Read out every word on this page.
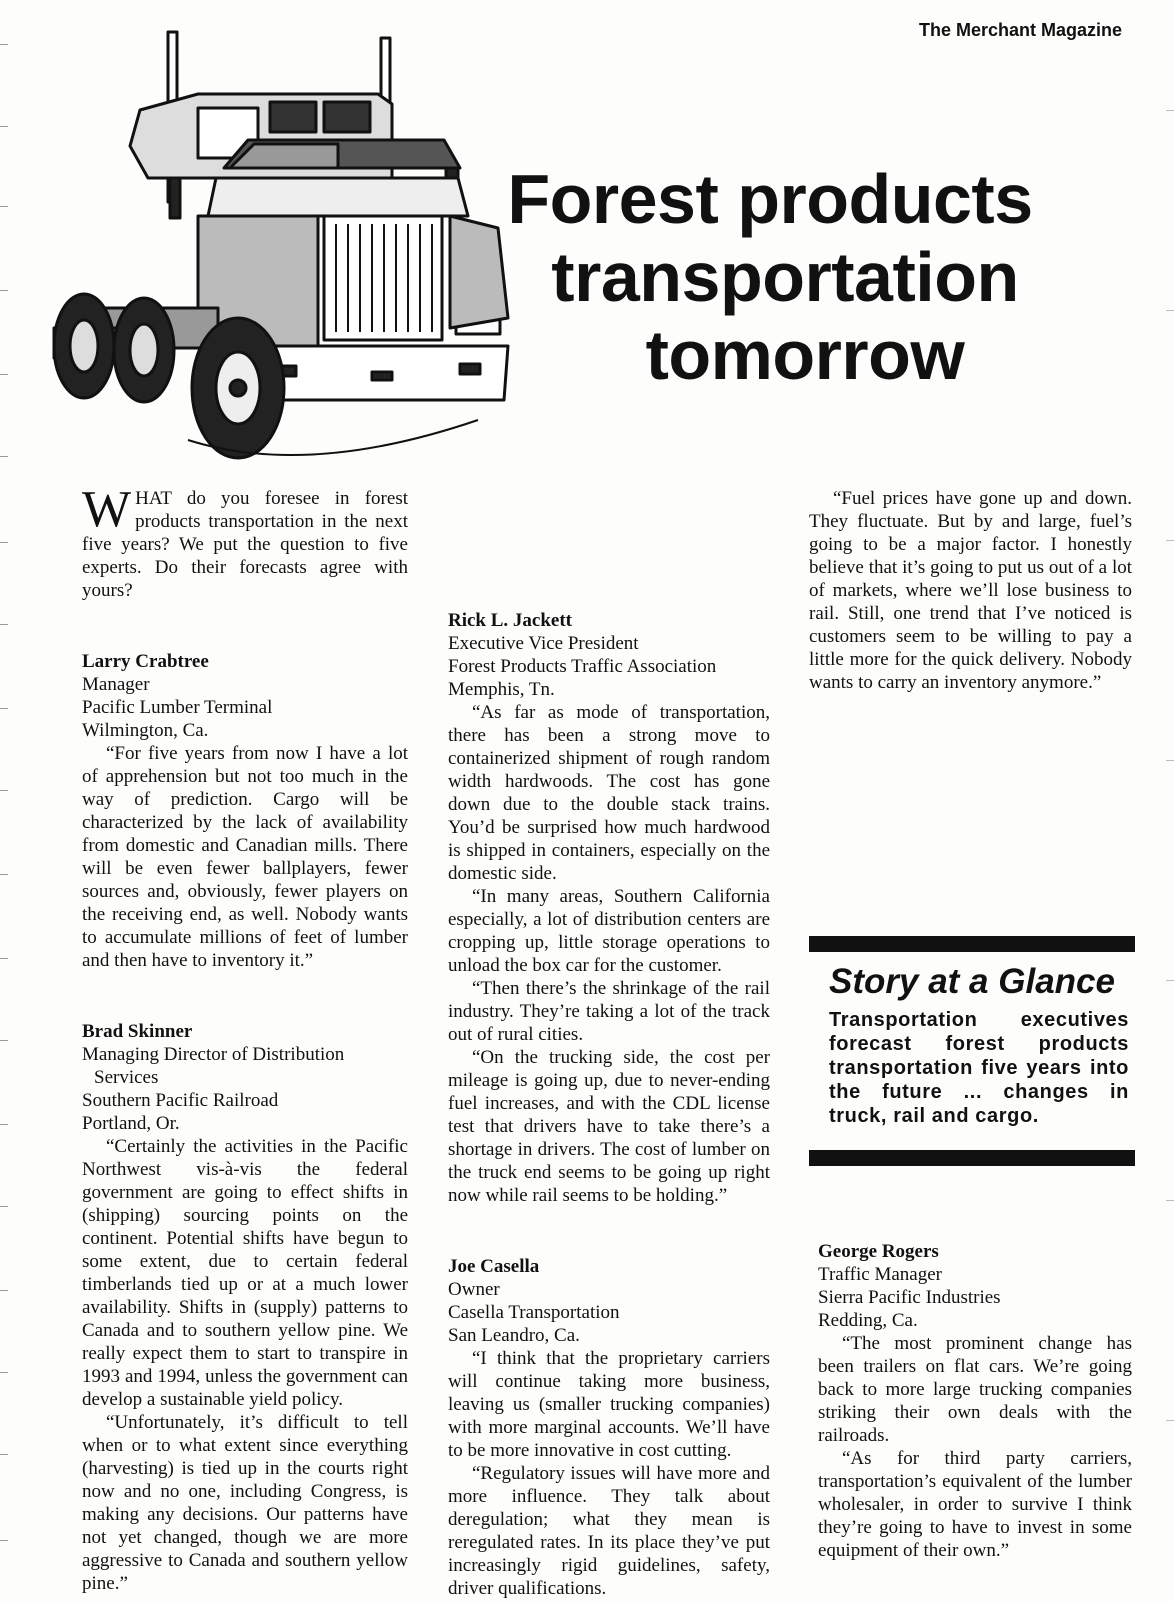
The Merchant Magazine
Forest products
transportation
tomorrow

WHAT do you foresee in forest products transportation in the next five years? We put the question to five experts. Do their forecasts agree with yours?

Larry Crabtree
Manager
Pacific Lumber Terminal
Wilmington, Ca.

“For five years from now I have a lot of apprehension but not too much in the way of prediction. Cargo will be characterized by the lack of availability from domestic and Canadian mills. There will be even fewer ballplayers, fewer sources and, obviously, fewer players on the receiving end, as well. Nobody wants to accumulate millions of feet of lumber and then have to inventory it.”

Brad Skinner
Managing Director of Distribution
Services
Southern Pacific Railroad
Portland, Or.

“Certainly the activities in the Pacific Northwest vis-à-vis the federal government are going to effect shifts in (shipping) sourcing points on the continent. Potential shifts have begun to some extent, due to certain federal timberlands tied up or at a much lower availability. Shifts in (supply) patterns to Canada and to southern yellow pine. We really expect them to start to transpire in 1993 and 1994, unless the government can develop a sustainable yield policy.

“Unfortunately, it’s difficult to tell when or to what extent since everything (harvesting) is tied up in the courts right now and no one, including Congress, is making any decisions. Our patterns have not yet changed, though we are more aggressive to Canada and southern yellow pine.”

Rick L. Jackett
Executive Vice President
Forest Products Traffic Association
Memphis, Tn.

“As far as mode of transportation, there has been a strong move to containerized shipment of rough random width hardwoods. The cost has gone down due to the double stack trains. You’d be surprised how much hardwood is shipped in containers, especially on the domestic side.

“In many areas, Southern California especially, a lot of distribution centers are cropping up, little storage operations to unload the box car for the customer.

“Then there’s the shrinkage of the rail industry. They’re taking a lot of the track out of rural cities.

“On the trucking side, the cost per mileage is going up, due to never-ending fuel increases, and with the CDL license test that drivers have to take there’s a shortage in drivers. The cost of lumber on the truck end seems to be going up right now while rail seems to be holding.”

Joe Casella
Owner
Casella Transportation
San Leandro, Ca.

“I think that the proprietary carriers will continue taking more business, leaving us (smaller trucking companies) with more marginal accounts. We’ll have to be more innovative in cost cutting.

“Regulatory issues will have more and more influence. They talk about deregulation; what they mean is reregulated rates. In its place they’ve put increasingly rigid guidelines, safety, driver qualifications.

“Fuel prices have gone up and down. They fluctuate. But by and large, fuel’s going to be a major factor. I honestly believe that it’s going to put us out of a lot of markets, where we’ll lose business to rail. Still, one trend that I’ve noticed is customers seem to be willing to pay a little more for the quick delivery. Nobody wants to carry an inventory anymore.”

Story at a Glance
Transportation executives forecast forest products transportation five years into the future ... changes in truck, rail and cargo.
George Rogers
Traffic Manager
Sierra Pacific Industries
Redding, Ca.

“The most prominent change has been trailers on flat cars. We’re going back to more large trucking companies striking their own deals with the railroads.

“As for third party carriers, transportation’s equivalent of the lumber wholesaler, in order to survive I think they’re going to have to invest in some equipment of their own.”
